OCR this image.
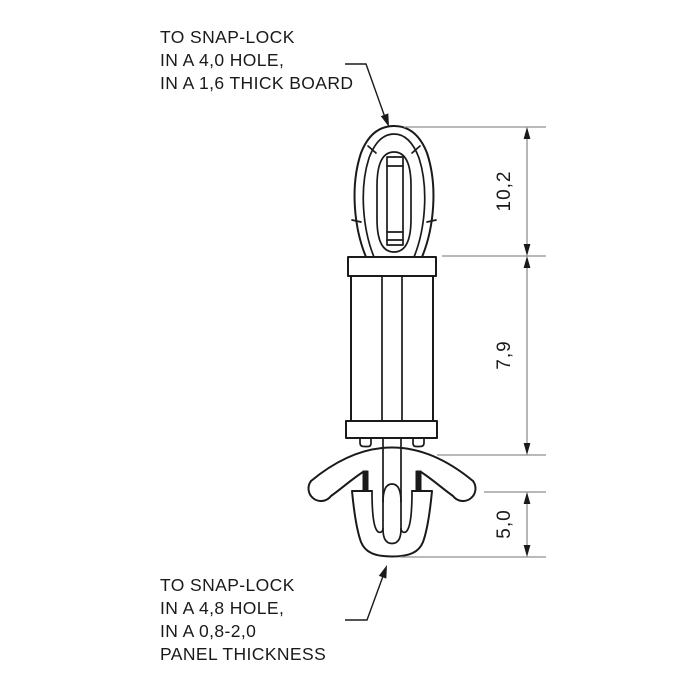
10,2
7,9
5,0
TO SNAP-LOCK
IN A 4,0 HOLE,
IN A 1,6 THICK BOARD
TO SNAP-LOCK
IN A 4,8 HOLE,
IN A 0,8-2,0
PANEL THICKNESS
